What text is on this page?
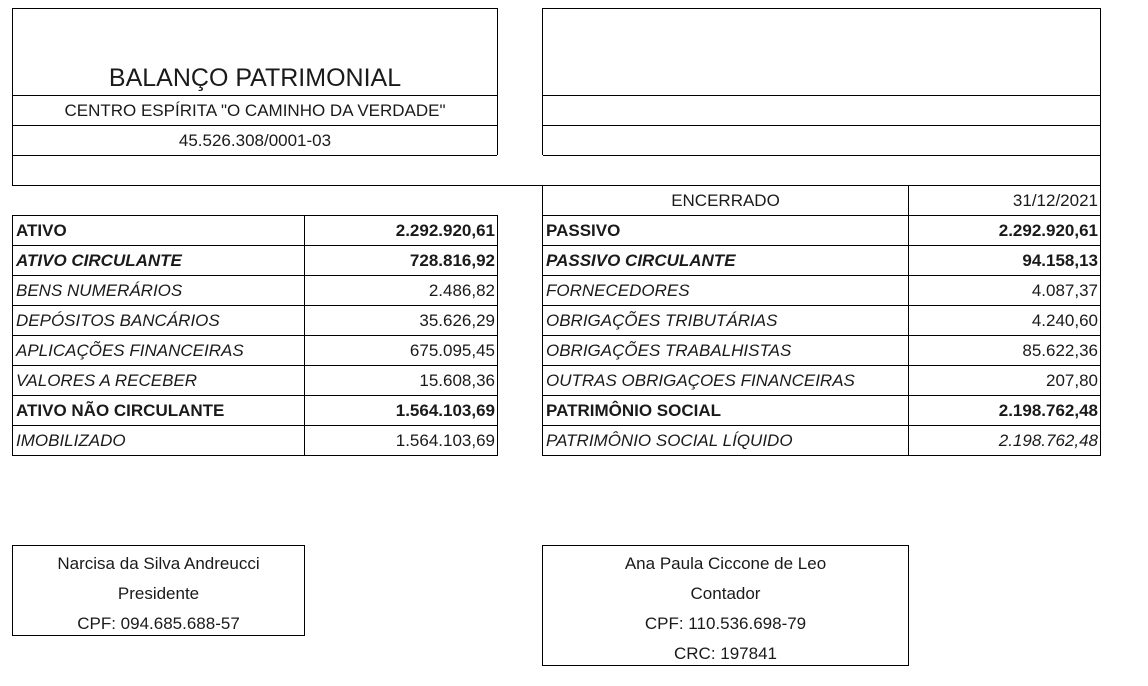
BALANÇO PATRIMONIAL
CENTRO ESPÍRITA "O CAMINHO DA VERDADE"
45.526.308/0001-03
ENCERRADO	31/12/2021
ATIVO	2.292.920,61
ATIVO CIRCULANTE	728.816,92
BENS NUMERÁRIOS	2.486,82
DEPÓSITOS BANCÁRIOS	35.626,29
APLICAÇÕES FINANCEIRAS	675.095,45
VALORES A RECEBER	15.608,36
ATIVO NÃO CIRCULANTE	1.564.103,69
IMOBILIZADO	1.564.103,69
PASSIVO	2.292.920,61
PASSIVO CIRCULANTE	94.158,13
FORNECEDORES	4.087,37
OBRIGAÇÕES TRIBUTÁRIAS	4.240,60
OBRIGAÇÕES TRABALHISTAS	85.622,36
OUTRAS OBRIGAÇOES FINANCEIRAS	207,80
PATRIMÔNIO SOCIAL	2.198.762,48
PATRIMÔNIO SOCIAL LÍQUIDO	2.198.762,48
Narcisa da Silva Andreucci
Presidente
CPF: 094.685.688-57
Ana Paula Ciccone de Leo
Contador
CPF: 110.536.698-79
CRC: 197841
